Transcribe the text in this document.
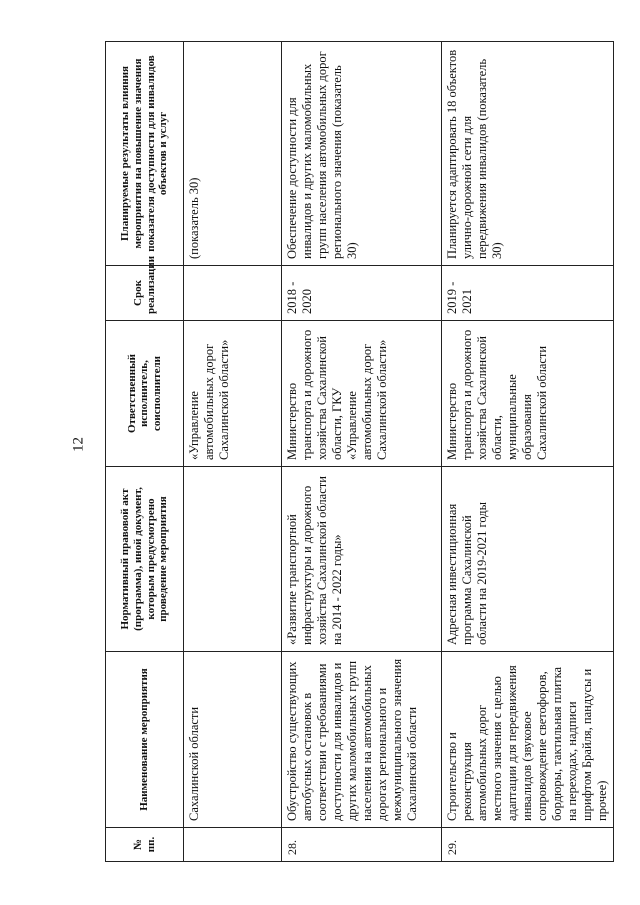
12
№ пп.	Наименование мероприятия	Нормативный правовой акт (программа), иной документ, которым предусмотрено проведение мероприятия	Ответственный исполнитель, соисполнители	Срок реализации	Планируемые результаты влияния мероприятия на повышение значения показателя доступности для инвалидов объектов и услуг
	Сахалинской области		«Управление автомобильных дорог Сахалинской области»		(показатель 30)
28.	Обустройство существующих автобусных остановок в соответствии с требованиями доступности для инвалидов и других маломобильных групп населения на автомобильных дорогах регионального и межмуниципального значения Сахалинской области	«Развитие транспортной инфраструктуры и дорожного хозяйства Сахалинской области на 2014 - 2022 годы»	Министерство транспорта и дорожного хозяйства Сахалинской области, ГКУ «Управление автомобильных дорог Сахалинской области»	2018 - 2020	Обеспечение доступности для инвалидов и других маломобильных групп населения автомобильных дорог регионального значения (показатель 30)
29.	Строительство и реконструкция автомобильных дорог местного значения с целью адаптации для передвижения инвалидов (звуковое сопровождение светофоров, бордюры, тактильная плитка на переходах, надписи шрифтом Брайля, пандусы и прочее)	Адресная инвестиционная программа Сахалинской области на 2019-2021 годы	Министерство транспорта и дорожного хозяйства Сахалинской области, муниципальные образования Сахалинской области	2019 - 2021	Планируется адаптировать 18 объектов улично-дорожной сети для передвижения инвалидов (показатель 30)
